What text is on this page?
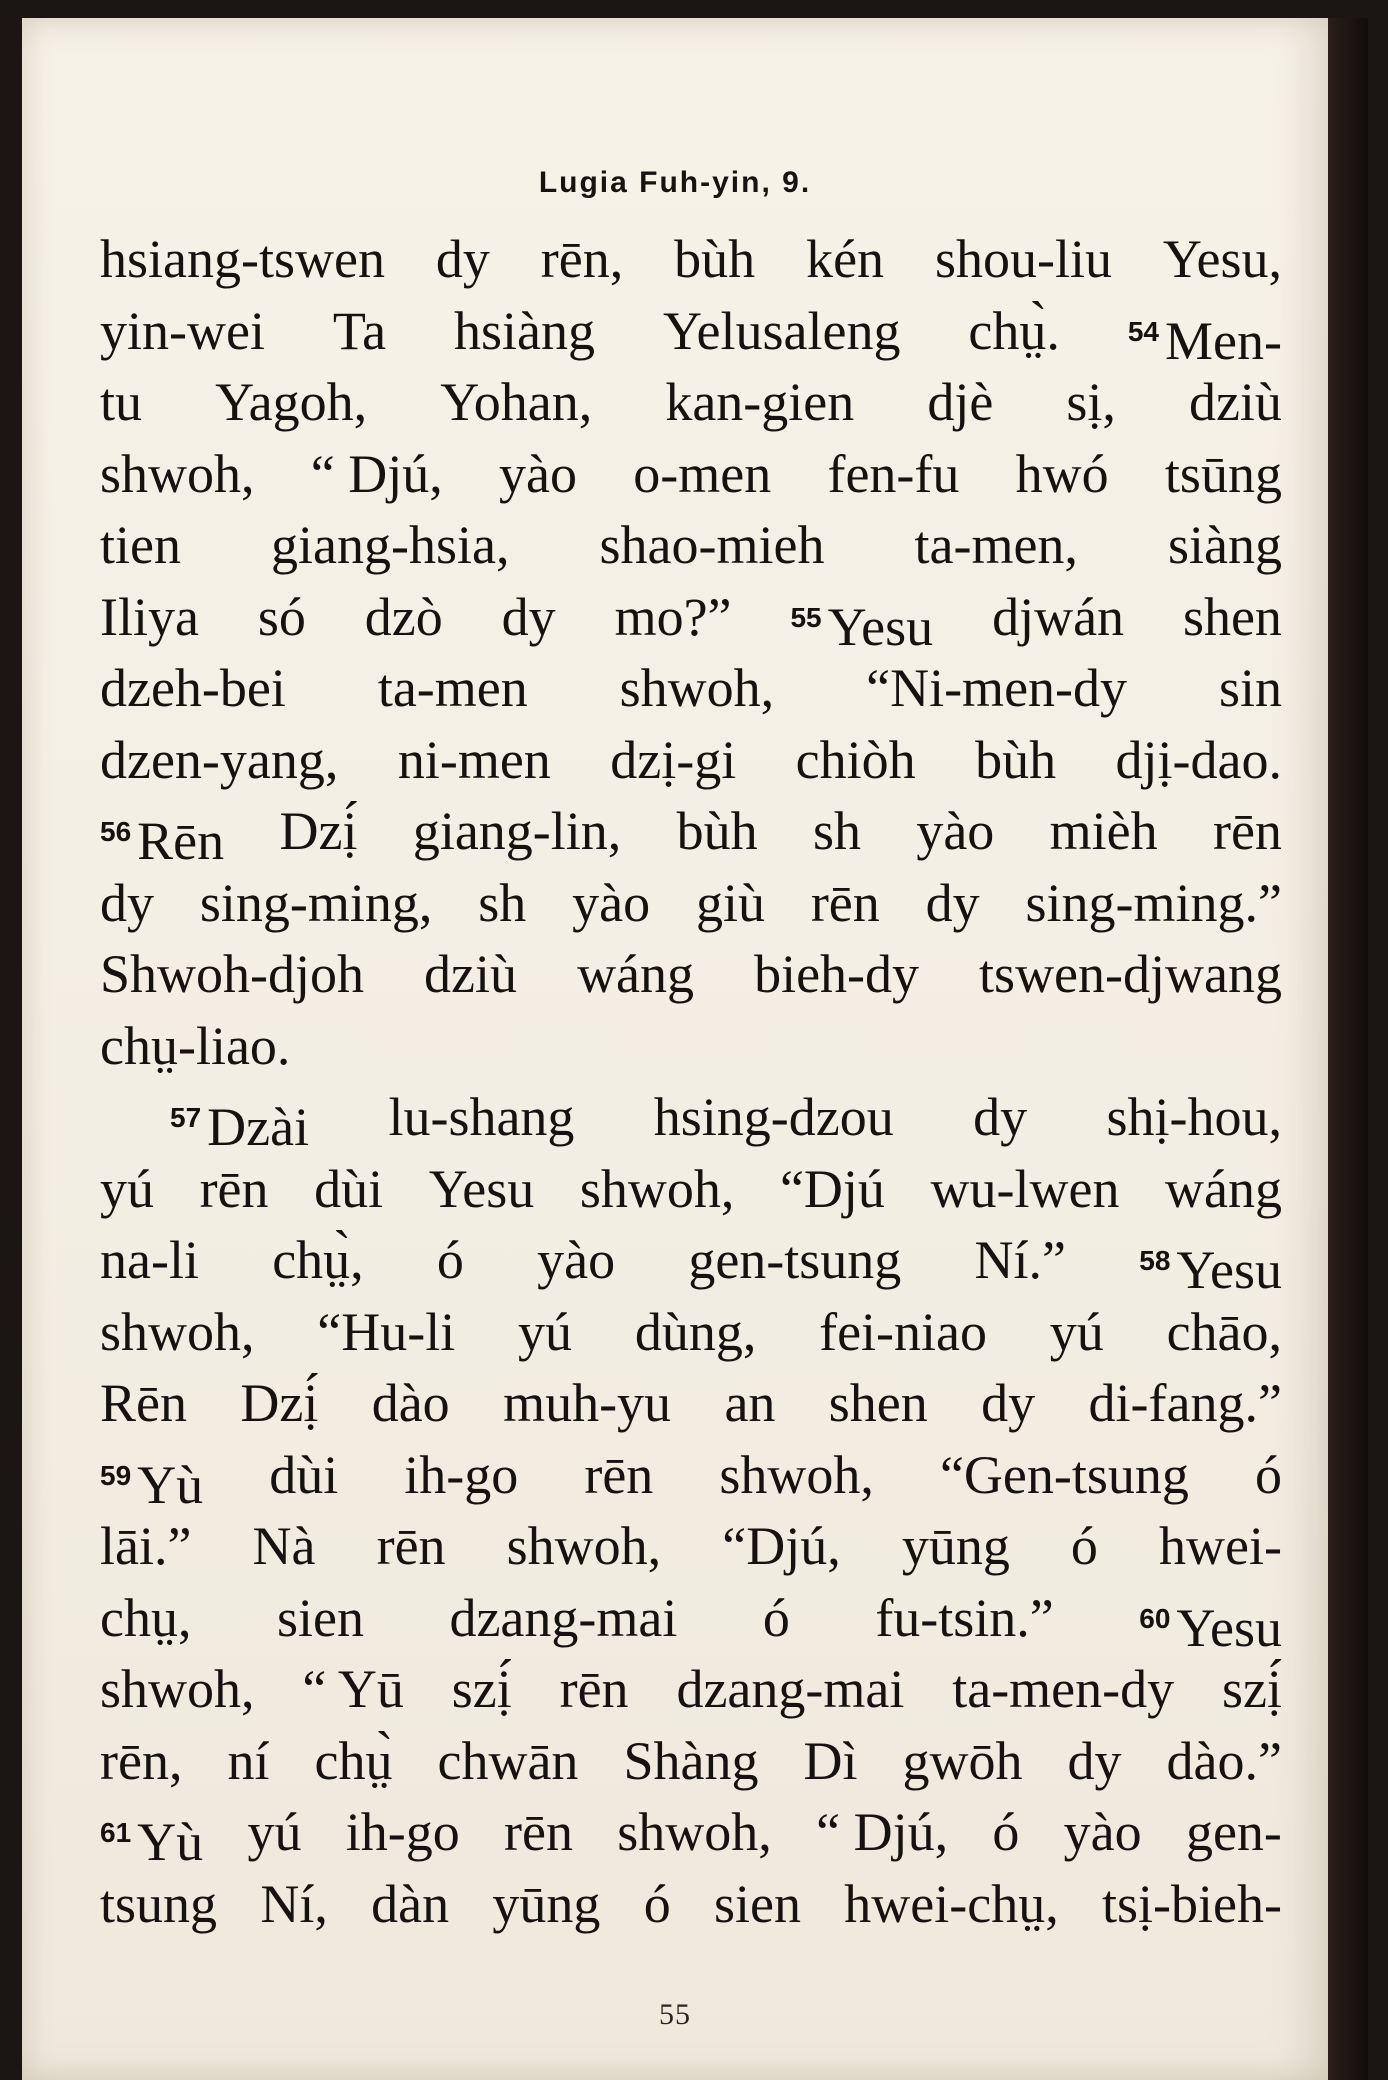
Lugia Fuh-yin, 9.
hsiang-tswen dy rēn, bùh kén shou-liu Yesu,
yin-wei Ta hsiàng Yelusaleng chṳ̀. $^{54}$ Men-
tu Yagoh, Yohan, kan-gien djè sị, dziù
shwoh, “ Djú, yào o-men fen-fu hwó tsūng
tien giang-hsia, shao-mieh ta-men, siàng
Iliya só dzò dy mo?” $^{55}$ Yesu djwán shen
dzeh-bei ta-men shwoh, “Ni-men-dy sin
dzen-yang, ni-men dzị-gi chiòh bùh djị-dao.
$^{56}$ Rēn Dzị́ giang-lin, bùh sh yào mièh rēn
dy sing-ming, sh yào giù rēn dy sing-ming.”
Shwoh-djoh dziù wáng bieh-dy tswen-djwang
chṳ-liao.
$^{57}$ Dzài lu-shang hsing-dzou dy shị-hou,
yú rēn dùi Yesu shwoh, “Djú wu-lwen wáng
na-li chṳ̀, ó yào gen-tsung Ní.”	$^{58}$ Yesu
shwoh, “Hu-li yú dùng, fei-niao yú chāo,
Rēn Dzị́ dào muh-yu an shen dy di-fang.”
$^{59}$ Yù dùi ih-go rēn shwoh, “Gen-tsung ó
lāi.” Nà rēn shwoh, “Djú, yūng ó hwei-
chṳ, sien dzang-mai ó fu-tsin.”	$^{60}$ Yesu
shwoh, “ Yū szị́ rēn dzang-mai ta-men-dy szị́
rēn, ní chṳ̀ chwān Shàng Dì gwōh dy dào.”
$^{61}$ Yù yú ih-go rēn shwoh, “ Djú, ó yào gen-
tsung Ní, dàn yūng ó sien hwei-chṳ, tsị-bieh-
55
